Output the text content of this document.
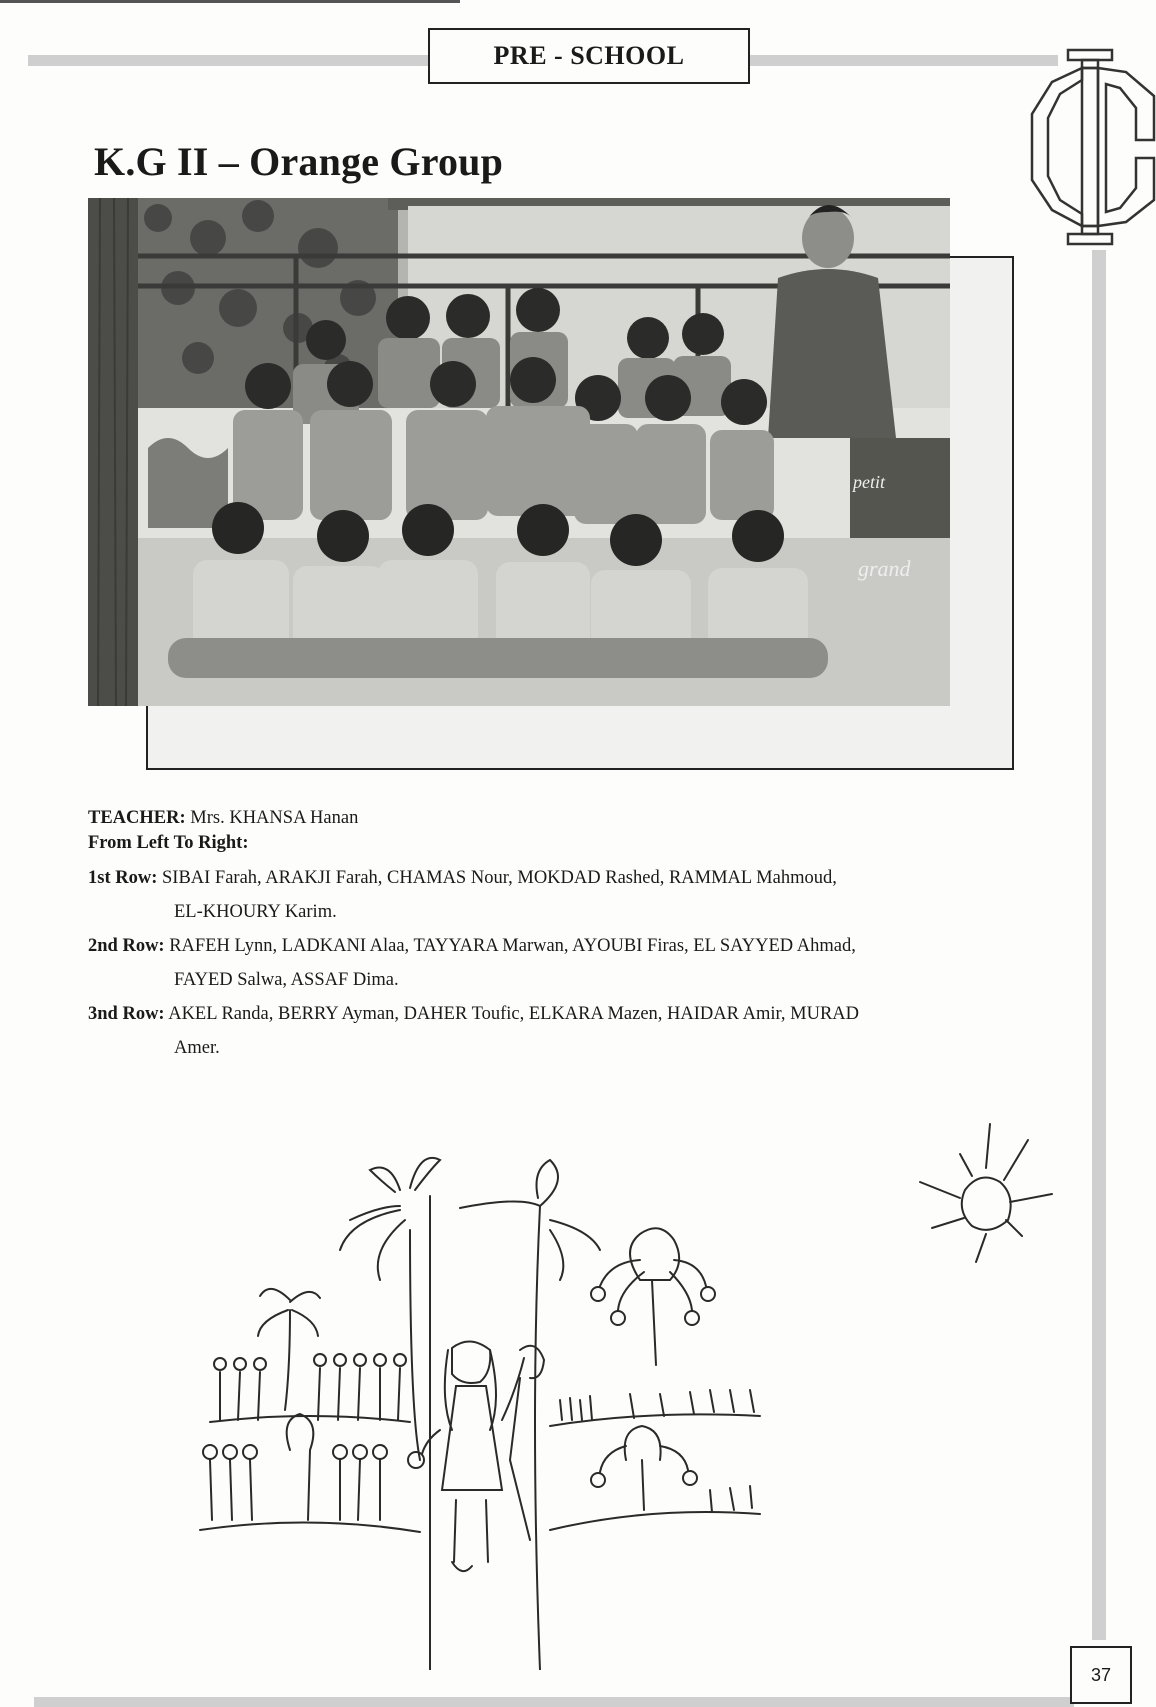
PRE - SCHOOL
37
K.G II – Orange Group
petit
grand

TEACHER: Mrs. KHANSA Hanan

From Left To Right:

1st Row: SIBAI Farah, ARAKJI Farah, CHAMAS Nour, MOKDAD Rashed, RAMMAL Mahmoud,

EL-KHOURY Karim.

2nd Row: RAFEH Lynn, LADKANI Alaa, TAYYARA Marwan, AYOUBI Firas, EL SAYYED Ahmad,

FAYED Salwa, ASSAF Dima.

3nd Row: AKEL Randa, BERRY Ayman, DAHER Toufic, ELKARA Mazen, HAIDAR Amir, MURAD

Amer.
